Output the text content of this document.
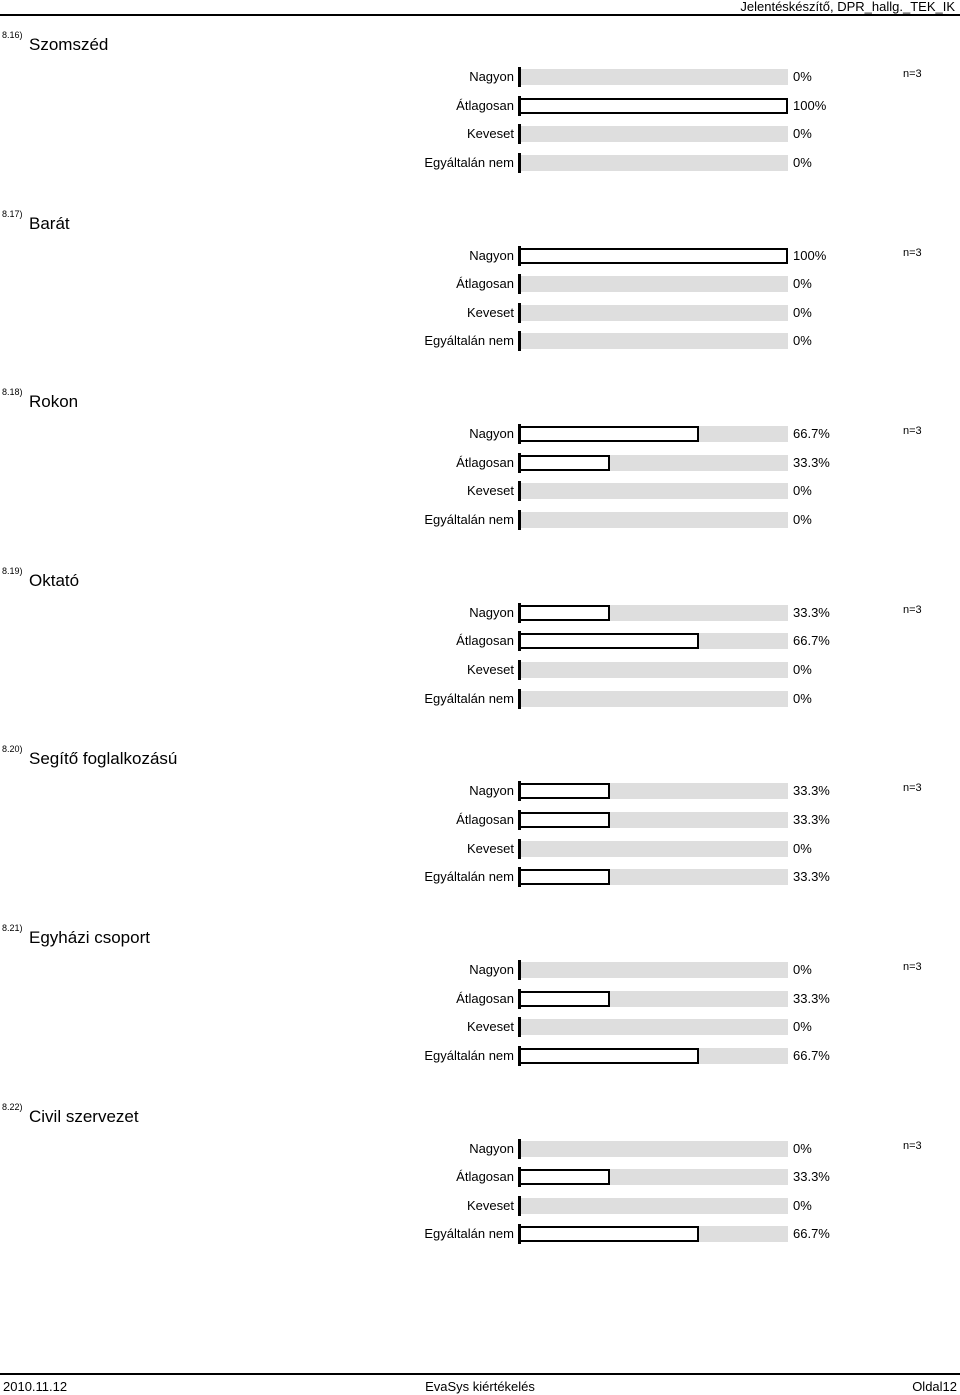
Jelentéskészítő, DPR_hallg._TEK_IK
8.16) Szomszéd
Nagyon	0%	n=3
Átlagosan	100%
Keveset	0%
Egyáltalán nem	0%
8.17) Barát
Nagyon	100%	n=3
Átlagosan	0%
Keveset	0%
Egyáltalán nem	0%
8.18) Rokon
Nagyon	66.7%	n=3
Átlagosan	33.3%
Keveset	0%
Egyáltalán nem	0%
8.19) Oktató
Nagyon	33.3%	n=3
Átlagosan	66.7%
Keveset	0%
Egyáltalán nem	0%
8.20) Segítő foglalkozású
Nagyon	33.3%	n=3
Átlagosan	33.3%
Keveset	0%
Egyáltalán nem	33.3%
8.21) Egyházi csoport
Nagyon	0%	n=3
Átlagosan	33.3%
Keveset	0%
Egyáltalán nem	66.7%
8.22) Civil szervezet
Nagyon	0%	n=3
Átlagosan	33.3%
Keveset	0%
Egyáltalán nem	66.7%
2010.11.12	EvaSys kiértékelés	Oldal12
